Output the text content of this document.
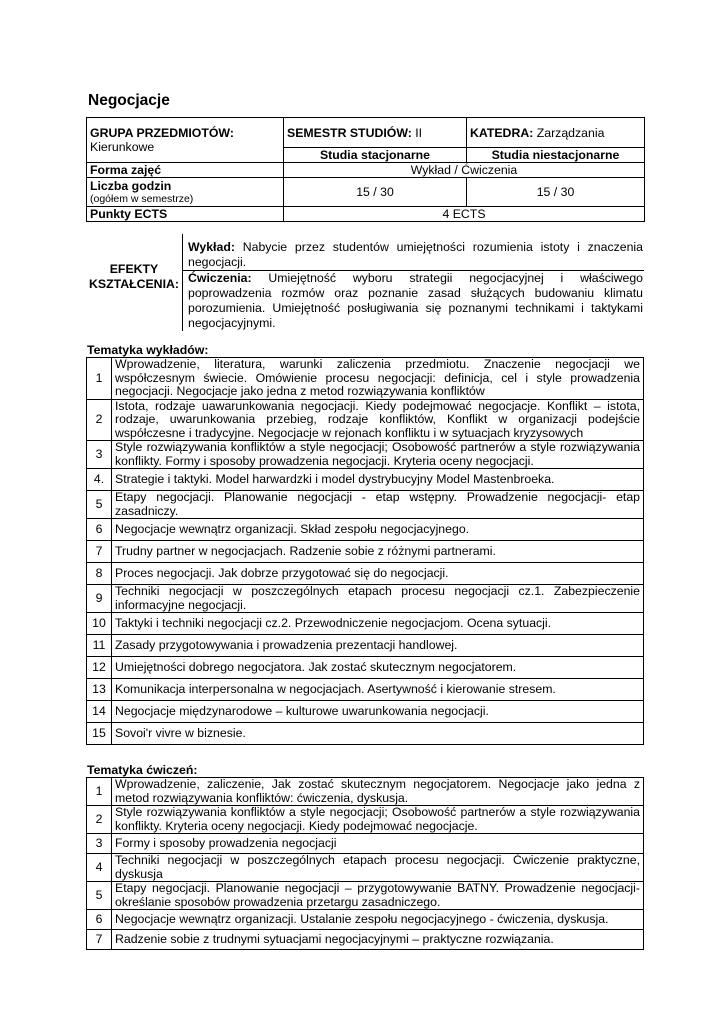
Negocjacje
GRUPA PRZEDMIOTÓW:
Kierunkowe	SEMESTR STUDIÓW: II	KATEDRA: Zarządzania
	Studia stacjonarne	Studia niestacjonarne
Forma zajęć	Wykład / Ćwiczenia	

Liczba godzin
(ogółem w semestrze)	15 / 30	15 / 30
Punkty ECTS	4 ECTS	
EFEKTY
KSZTAŁCENIA:
Wykład: Nabycie przez studentów umiejętności rozumienia istoty i znaczenia negocjacji.
Ćwiczenia: Umiejętność wyboru strategii negocjacyjnej i właściwego poprowadzenia rozmów oraz poznanie zasad służących budowaniu klimatu porozumienia. Umiejętność posługiwania się poznanymi technikami i taktykami negocjacyjnymi.
Tematyka wykładów:
1	Wprowadzenie, literatura, warunki zaliczenia przedmiotu. Znaczenie negocjacji we współczesnym świecie. Omówienie procesu negocjacji: definicja, cel i style prowadzenia negocjacji. Negocjacje jako jedna z metod rozwiązywania konfliktów
2	Istota, rodzaje uawarunkowania negocjacji. Kiedy podejmować negocjacje. Konflikt – istota, rodzaje, uwarunkowania przebieg, rodzaje konfliktów, Konflikt w organizacji podejście współczesne i tradycyjne. Negocjacje w rejonach konfliktu i w sytuacjach kryzysowych
3	Style rozwiązywania konfliktów a style negocjacji; Osobowość partnerów a style rozwiązywania konflikty. Formy i sposoby prowadzenia negocjacji. Kryteria oceny negocjacji.
4.	Strategie i taktyki. Model harwardzki i model dystrybucyjny Model Mastenbroeka.
5	Etapy negocjacji. Planowanie negocjacji - etap wstępny. Prowadzenie negocjacji- etap zasadniczy.
6	Negocjacje wewnątrz organizacji. Skład zespołu negocjacyjnego.
7	Trudny partner w negocjacjach. Radzenie sobie z różnymi partnerami.
8	Proces negocjacji. Jak dobrze przygotować się do negocjacji.
9	Techniki negocjacji w poszczególnych etapach procesu negocjacji cz.1. Zabezpieczenie informacyjne negocjacji.
10	Taktyki i techniki negocjacji cz.2. Przewodniczenie negocjacjom. Ocena sytuacji.
11	Zasady przygotowywania i prowadzenia prezentacji handlowej.
12	Umiejętności dobrego negocjatora. Jak zostać skutecznym negocjatorem.
13	Komunikacja interpersonalna w negocjacjach. Asertywność i kierowanie stresem.
14	Negocjacje międzynarodowe – kulturowe uwarunkowania negocjacji.
15	Sovoi'r vivre w biznesie.
Tematyka ćwiczeń:
1	Wprowadzenie, zaliczenie, Jak zostać skutecznym negocjatorem. Negocjacje jako jedna z metod rozwiązywania konfliktów: ćwiczenia, dyskusja.
2	Style rozwiązywania konfliktów a style negocjacji; Osobowość partnerów a style rozwiązywania konflikty. Kryteria oceny negocjacji. Kiedy podejmować negocjacje.
3	Formy i sposoby prowadzenia negocjacji
4	Techniki negocjacji w poszczególnych etapach procesu negocjacji. Ćwiczenie praktyczne, dyskusja
5	Etapy negocjacji. Planowanie negocjacji – przygotowywanie BATNY. Prowadzenie negocjacji- określanie sposobów prowadzenia przetargu zasadniczego.
6	Negocjacje wewnątrz organizacji. Ustalanie zespołu negocjacyjnego - ćwiczenia, dyskusja.
7	Radzenie sobie z trudnymi sytuacjami negocjacyjnymi – praktyczne rozwiązania.
